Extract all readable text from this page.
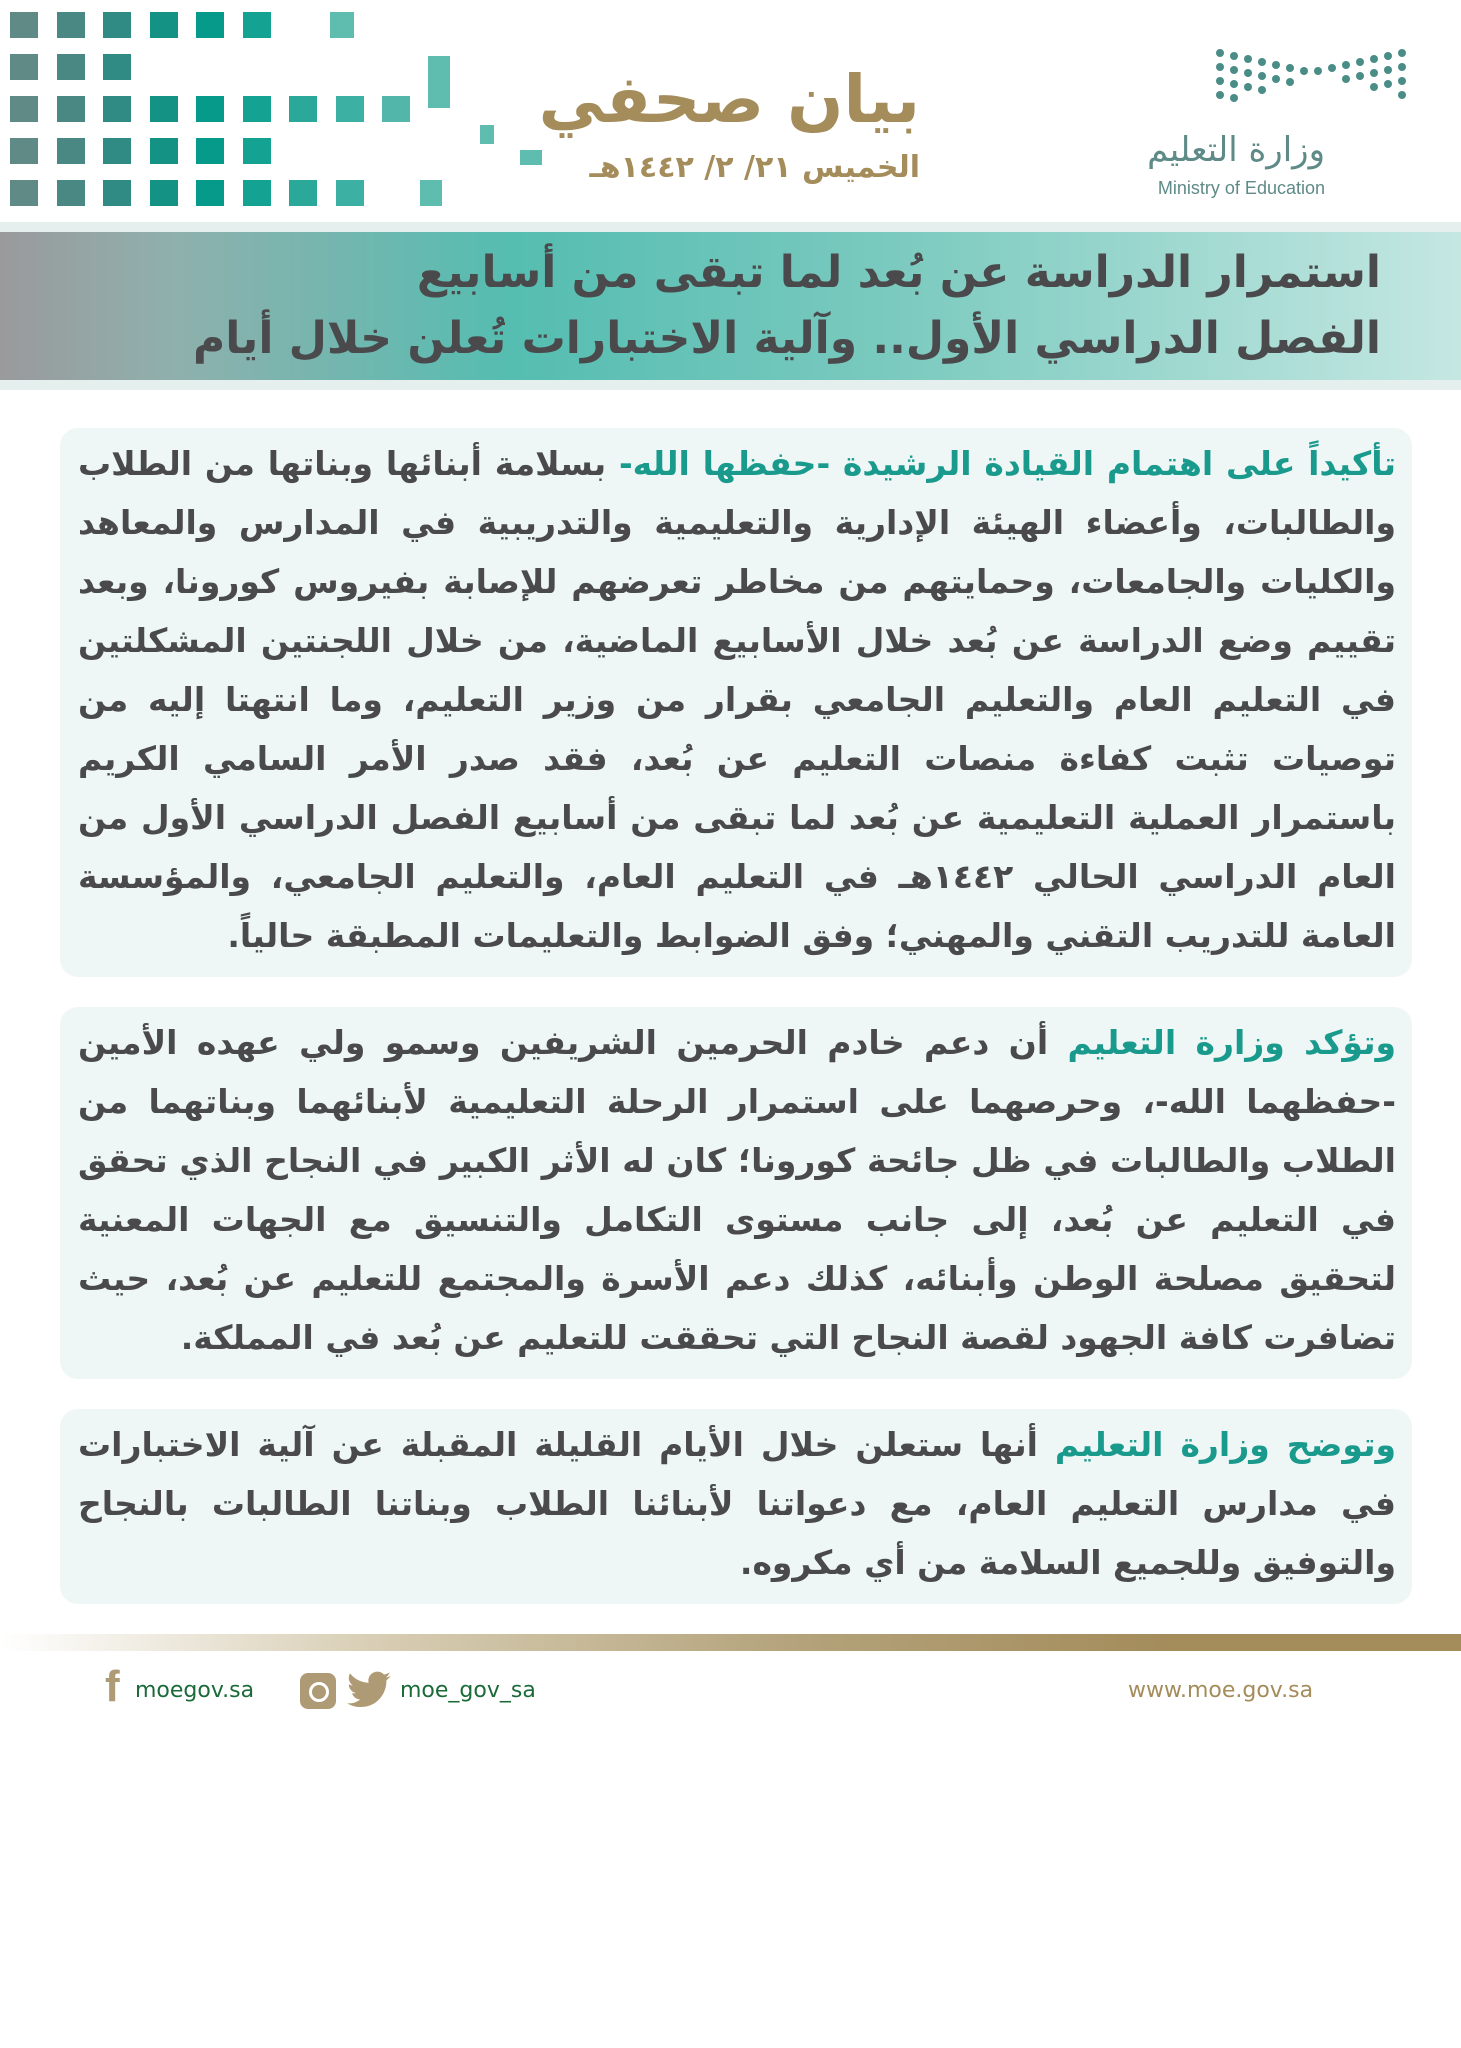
بيان صحفي
الخميس ٢١/ ٢/ ١٤٤٢هـ	وزارة التعليم
Ministry of Education
استمرار الدراسة عن بُعد لما تبقى من أسابيع
الفصل الدراسي الأول.. وآلية الاختبارات تُعلن خلال أيام
تأكيداً على اهتمام القيادة الرشيدة -حفظها الله- بسلامة أبنائها وبناتها من الطلاب والطالبات، وأعضاء الهيئة الإدارية والتعليمية والتدريبية في المدارس والمعاهد والكليات والجامعات، وحمايتهم من مخاطر تعرضهم للإصابة بفيروس كورونا، وبعد تقييم وضع الدراسة عن بُعد خلال الأسابيع الماضية، من خلال اللجنتين المشكلتين في التعليم العام والتعليم الجامعي بقرار من وزير التعليم، وما انتهتا إليه من توصيات تثبت كفاءة منصات التعليم عن بُعد، فقد صدر الأمر السامي الكريم باستمرار العملية التعليمية عن بُعد لما تبقى من أسابيع الفصل الدراسي الأول من العام الدراسي الحالي ١٤٤٢هـ في التعليم العام، والتعليم الجامعي، والمؤسسة العامة للتدريب التقني والمهني؛ وفق الضوابط والتعليمات المطبقة حالياً.
وتؤكد وزارة التعليم أن دعم خادم الحرمين الشريفين وسمو ولي عهده الأمين -حفظهما الله-، وحرصهما على استمرار الرحلة التعليمية لأبنائهما وبناتهما من الطلاب والطالبات في ظل جائحة كورونا؛ كان له الأثر الكبير في النجاح الذي تحقق في التعليم عن بُعد، إلى جانب مستوى التكامل والتنسيق مع الجهات المعنية لتحقيق مصلحة الوطن وأبنائه، كذلك دعم الأسرة والمجتمع للتعليم عن بُعد، حيث تضافرت كافة الجهود لقصة النجاح التي تحققت للتعليم عن بُعد في المملكة.
وتوضح وزارة التعليم أنها ستعلن خلال الأيام القليلة المقبلة عن آلية الاختبارات في مدارس التعليم العام، مع دعواتنا لأبنائنا الطلاب وبناتنا الطالبات بالنجاح والتوفيق وللجميع السلامة من أي مكروه.
f moegov.sa	moe_gov_sa	www.moe.gov.sa
